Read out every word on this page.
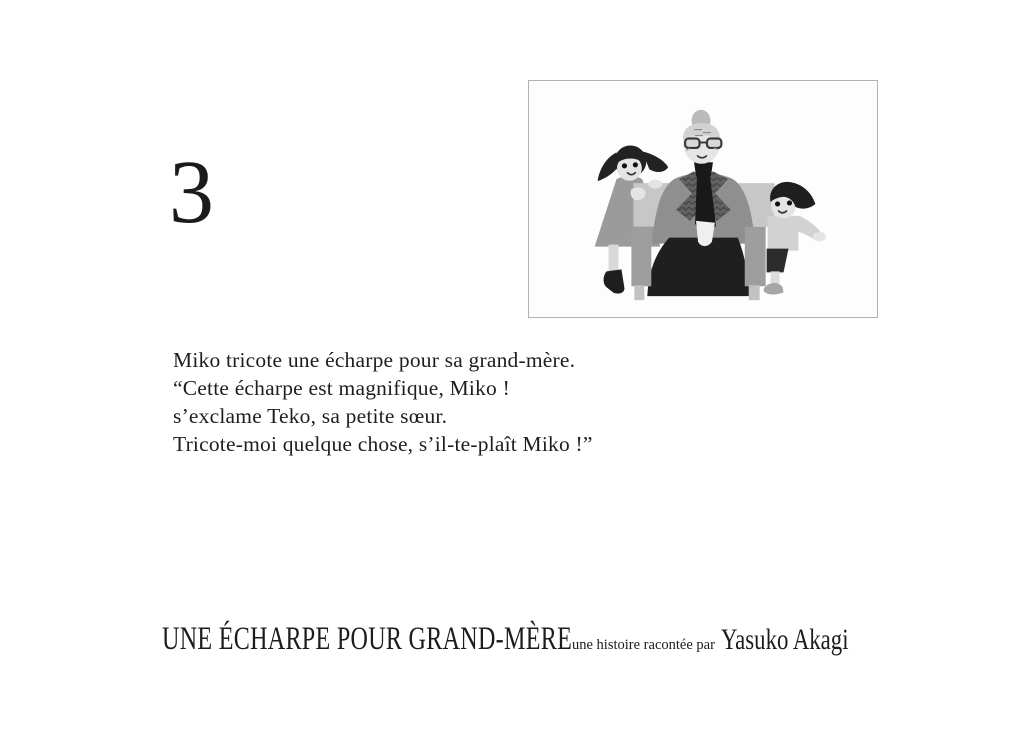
3

Miko tricote une écharpe pour sa grand-mère.

“Cette écharpe est magnifique, Miko !

s’exclame Teko, sa petite sœur.

Tricote-moi quelque chose, s’il-te-plaît Miko !”

UNE ÉCHARPE POUR GRAND-MÈRE une histoire racontée par Yasuko Akagi
